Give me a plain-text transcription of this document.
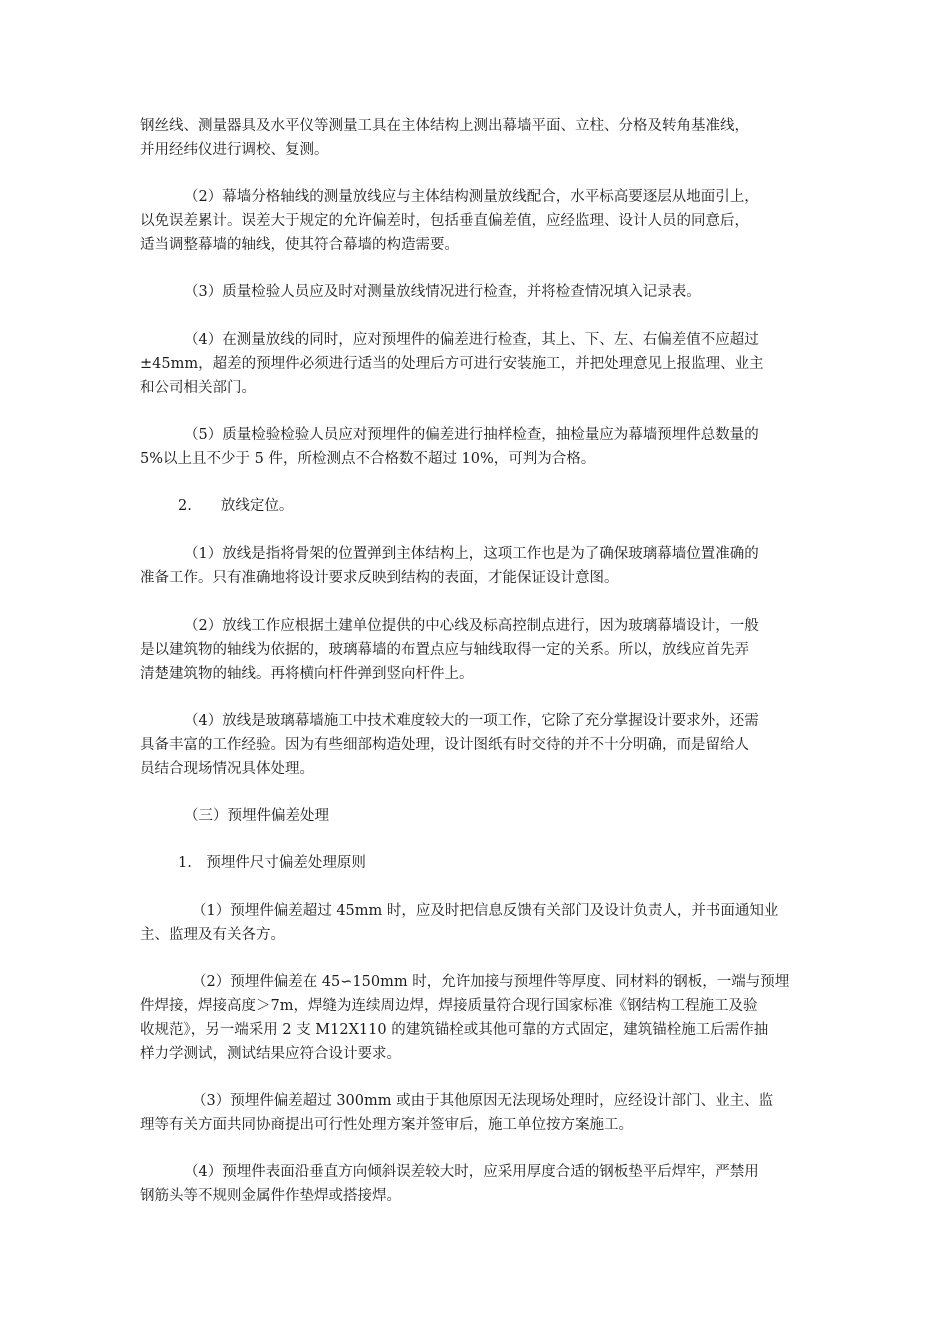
钢丝线、测量器具及水平仪等测量工具在主体结构上测出幕墙平面、立柱、分格及转角基准线，
并用经纬仪进行调校、复测。
（2）幕墙分格轴线的测量放线应与主体结构测量放线配合，水平标高要逐层从地面引上，
以免误差累计。误差大于规定的允许偏差时，包括垂直偏差值，应经监理、设计人员的同意后，
适当调整幕墙的轴线，使其符合幕墙的构造需要。
（3）质量检验人员应及时对测量放线情况进行检查，并将检查情况填入记录表。
（4）在测量放线的同时，应对预埋件的偏差进行检查，其上、下、左、右偏差值不应超过
±45mm，超差的预埋件必须进行适当的处理后方可进行安装施工，并把处理意见上报监理、业主
和公司相关部门。
（5）质量检验检验人员应对预埋件的偏差进行抽样检查，抽检量应为幕墙预埋件总数量的
5%以上且不少于 5 件，所检测点不合格数不超过 10%，可判为合格。
2.　　放线定位。
（1）放线是指将骨架的位置弹到主体结构上，这项工作也是为了确保玻璃幕墙位置准确的
准备工作。只有准确地将设计要求反映到结构的表面，才能保证设计意图。
（2）放线工作应根据土建单位提供的中心线及标高控制点进行，因为玻璃幕墙设计，一般
是以建筑物的轴线为依据的，玻璃幕墙的布置点应与轴线取得一定的关系。所以，放线应首先弄
清楚建筑物的轴线。再将横向杆件弹到竖向杆件上。
（4）放线是玻璃幕墙施工中技术难度较大的一项工作，它除了充分掌握设计要求外，还需
具备丰富的工作经验。因为有些细部构造处理，设计图纸有时交待的并不十分明确，而是留给人
员结合现场情况具体处理。
（三）预埋件偏差处理
1.　预埋件尺寸偏差处理原则
（1）预埋件偏差超过 45mm 时，应及时把信息反馈有关部门及设计负责人，并书面通知业
主、监理及有关各方。
（2）预埋件偏差在 45∽150mm 时，允许加接与预埋件等厚度、同材料的钢板，一端与预埋
件焊接，焊接高度＞7m，焊缝为连续周边焊，焊接质量符合现行国家标准《钢结构工程施工及验
收规范》，另一端采用 2 支 M12X110 的建筑锚栓或其他可靠的方式固定，建筑锚栓施工后需作抽
样力学测试，测试结果应符合设计要求。
（3）预埋件偏差超过 300mm 或由于其他原因无法现场处理时，应经设计部门、业主、监
理等有关方面共同协商提出可行性处理方案并签审后，施工单位按方案施工。
（4）预埋件表面沿垂直方向倾斜误差较大时，应采用厚度合适的钢板垫平后焊牢，严禁用
钢筋头等不规则金属件作垫焊或搭接焊。
